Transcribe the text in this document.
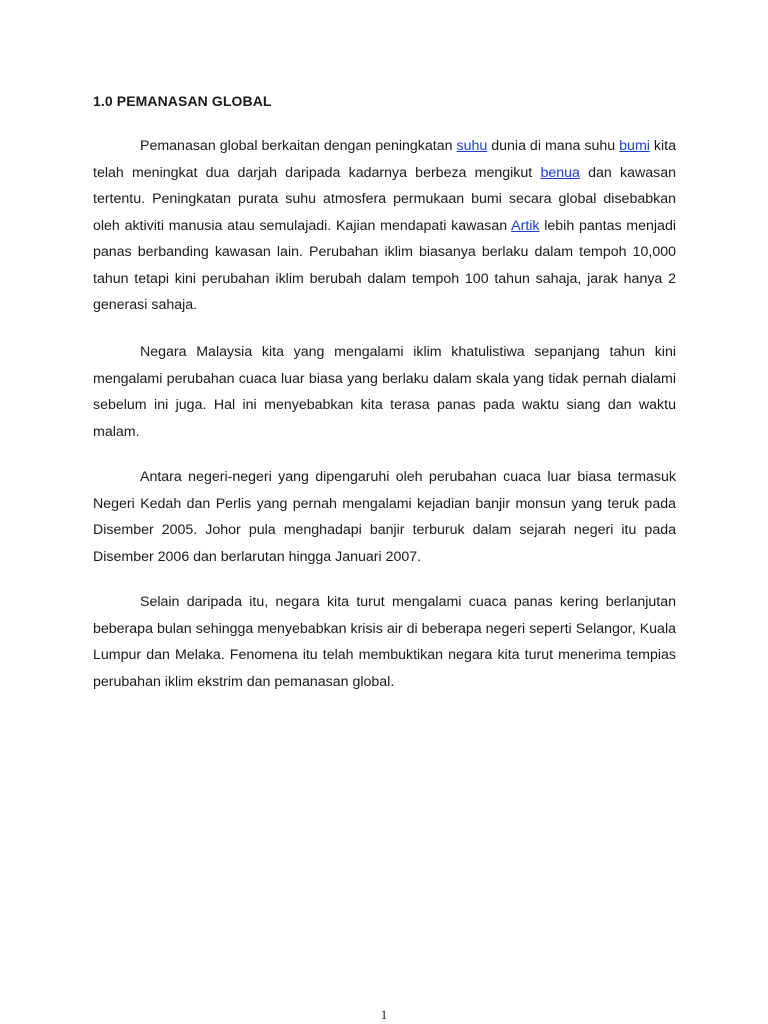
1.0 PEMANASAN GLOBAL

Pemanasan global berkaitan dengan peningkatan suhu dunia di mana suhu bumi kita telah meningkat dua darjah daripada kadarnya berbeza mengikut benua dan kawasan tertentu. Peningkatan purata suhu atmosfera permukaan bumi secara global disebabkan oleh aktiviti manusia atau semulajadi. Kajian mendapati kawasan Artik lebih pantas menjadi panas berbanding kawasan lain. Perubahan iklim biasanya berlaku dalam tempoh 10,000 tahun tetapi kini perubahan iklim berubah dalam tempoh 100 tahun sahaja, jarak hanya 2 generasi sahaja.

Negara Malaysia kita yang mengalami iklim khatulistiwa sepanjang tahun kini mengalami perubahan cuaca luar biasa yang berlaku dalam skala yang tidak pernah dialami sebelum ini juga. Hal ini menyebabkan kita terasa panas pada waktu siang dan waktu malam.

Antara negeri-negeri yang dipengaruhi oleh perubahan cuaca luar biasa termasuk Negeri Kedah dan Perlis yang pernah mengalami kejadian banjir monsun yang teruk pada Disember 2005. Johor pula menghadapi banjir terburuk dalam sejarah negeri itu pada Disember 2006 dan berlarutan hingga Januari 2007.

Selain daripada itu, negara kita turut mengalami cuaca panas kering berlanjutan beberapa bulan sehingga menyebabkan krisis air di beberapa negeri seperti Selangor, Kuala Lumpur dan Melaka. Fenomena itu telah membuktikan negara kita turut menerima tempias perubahan iklim ekstrim dan pemanasan global.

1
